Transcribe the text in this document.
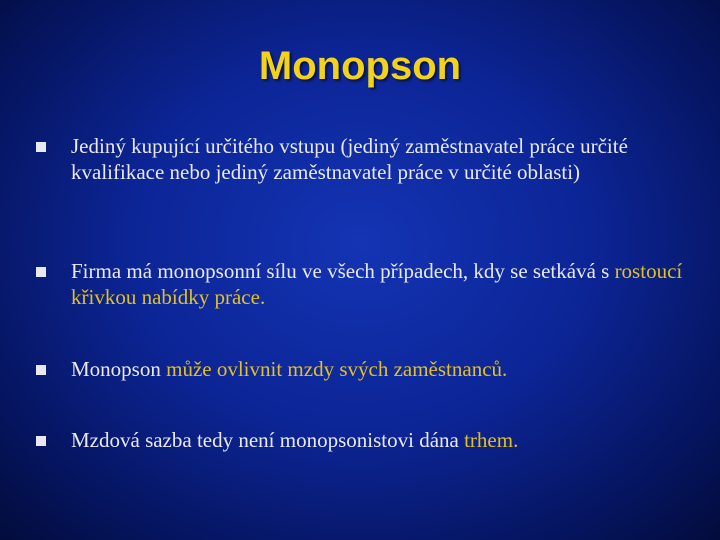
Monopson
Jediný kupující určitého vstupu (jediný zaměstnavatel práce určité kvalifikace nebo jediný zaměstnavatel práce v určité oblasti)
Firma má monopsonní sílu ve všech případech, kdy se setkává s rostoucí křivkou nabídky práce.
Monopson může ovlivnit mzdy svých zaměstnanců.
Mzdová sazba tedy není monopsonistovi dána trhem.
